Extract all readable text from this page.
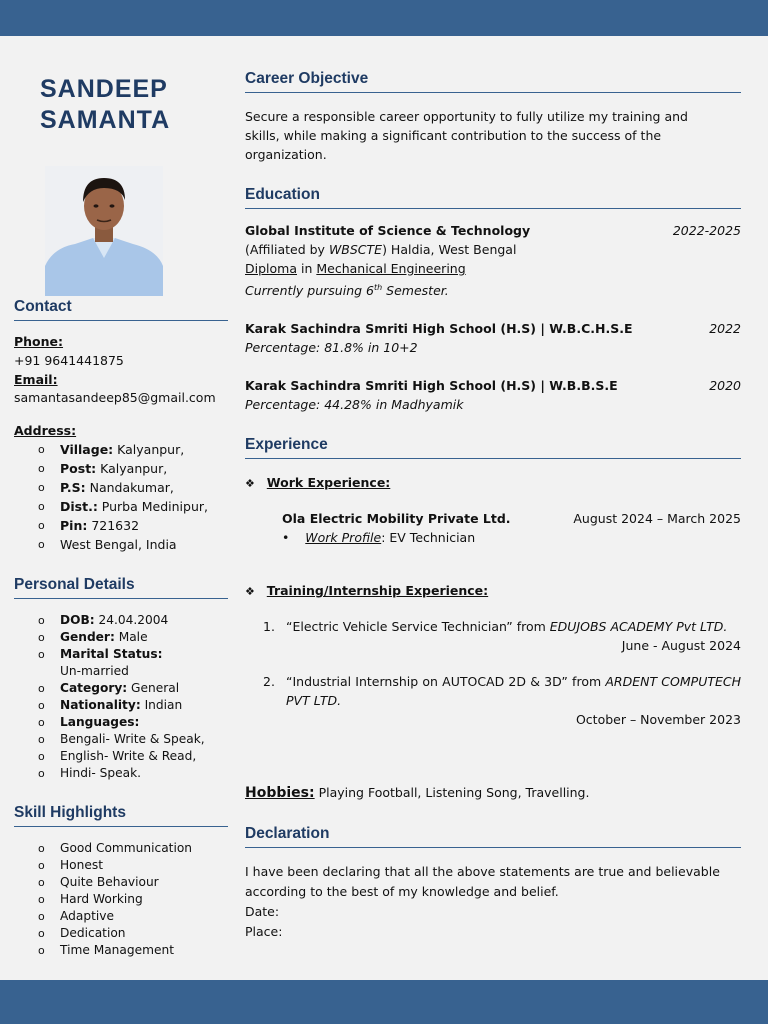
SANDEEP
SAMANTA
Contact
Phone:
+91 9641441875
Email:
samantasandeep85@gmail.com
Address:
o Village: Kalyanpur,
o Post: Kalyanpur,
o P.S: Nandakumar,
o Dist.: Purba Medinipur,
o Pin: 721632
o West Bengal, India
Personal Details
o DOB: 24.04.2004
o Gender: Male
o Marital Status:
Un-married
o Category: General
o Nationality: Indian
o Languages:
o Bengali- Write & Speak,
o English- Write & Read,
o Hindi- Speak.
Skill Highlights
o Good Communication
o Honest
o Quite Behaviour
o Hard Working
o Adaptive
o Dedication
o Time Management
Career Objective
Secure a responsible career opportunity to fully utilize my training and skills, while making a significant contribution to the success of the organization.
Education
Global Institute of Science & Technology	2022-2025
(Affiliated by WBSCTE) Haldia, West Bengal
Diploma in Mechanical Engineering
Currently pursuing 6th Semester.
Karak Sachindra Smriti High School (H.S) | W.B.C.H.S.E	2022
Percentage: 81.8% in 10+2
Karak Sachindra Smriti High School (H.S) | W.B.B.S.E	2020
Percentage: 44.28% in Madhyamik
Experience
❖ Work Experience:
Ola Electric Mobility Private Ltd.	August 2024 – March 2025
•    Work Profile: EV Technician
❖ Training/Internship Experience:
1. “Electric Vehicle Service Technician” from EDUJOBS ACADEMY Pvt LTD.
June - August 2024
2. “Industrial Internship on AUTOCAD 2D & 3D” from ARDENT COMPUTECH PVT LTD.
October – November 2023
Hobbies: Playing Football, Listening Song, Travelling.
Declaration
I have been declaring that all the above statements are true and believable according to the best of my knowledge and belief.
Date:
Place:
